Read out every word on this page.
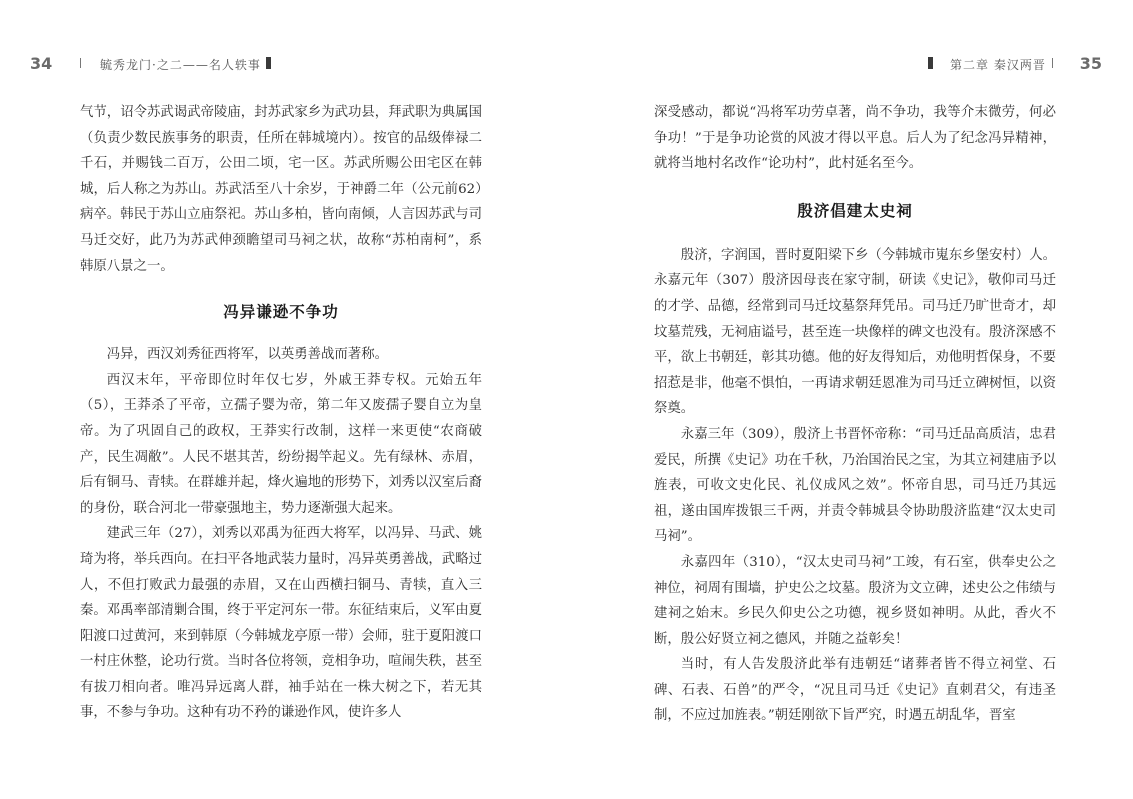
34	毓秀龙门·之二——名人轶事

气节，诏令苏武谒武帝陵庙，封苏武家乡为武功县，拜武职为典属国（负责少数民族事务的职责，任所在韩城境内）。按官的品级俸禄二千石，并赐钱二百万，公田二顷，宅一区。苏武所赐公田宅区在韩城，后人称之为苏山。苏武活至八十余岁，于神爵二年（公元前62）病卒。韩民于苏山立庙祭祀。苏山多柏，皆向南倾，人言因苏武与司马迁交好，此乃为苏武伸颈瞻望司马祠之状，故称“苏柏南柯”，系韩原八景之一。

冯异谦逊不争功

冯异，西汉刘秀征西将军，以英勇善战而著称。

西汉末年，平帝即位时年仅七岁，外戚王莽专权。元始五年（5），王莽杀了平帝，立孺子婴为帝，第二年又废孺子婴自立为皇帝。为了巩固自己的政权，王莽实行改制，这样一来更使“农商破产，民生凋敝”。人民不堪其苦，纷纷揭竿起义。先有绿林、赤眉，后有铜马、青犊。在群雄并起，烽火遍地的形势下，刘秀以汉室后裔的身份，联合河北一带豪强地主，势力逐渐强大起来。

建武三年（27），刘秀以邓禹为征西大将军，以冯异、马武、姚琦为将，举兵西向。在扫平各地武装力量时，冯异英勇善战，武略过人，不但打败武力最强的赤眉，又在山西横扫铜马、青犊，直入三秦。邓禹率部清剿合围，终于平定河东一带。东征结束后，义军由夏阳渡口过黄河，来到韩原（今韩城龙亭原一带）会师，驻于夏阳渡口一村庄休整，论功行赏。当时各位将领，竞相争功，喧闹失秩，甚至有拔刀相向者。唯冯异远离人群，袖手站在一株大树之下，若无其事，不参与争功。这种有功不矜的谦逊作风，使许多人

第二章 秦汉两晋 35

深受感动，都说“冯将军功劳卓著，尚不争功，我等介末微劳，何必争功！”于是争功论赏的风波才得以平息。后人为了纪念冯异精神，就将当地村名改作“论功村”，此村延名至今。

殷济倡建太史祠

殷济，字润国，晋时夏阳梁下乡（今韩城市嵬东乡堡安村）人。永嘉元年（307）殷济因母丧在家守制，研读《史记》，敬仰司马迁的才学、品德，经常到司马迁坟墓祭拜凭吊。司马迁乃旷世奇才，却坟墓荒残，无祠庙谥号，甚至连一块像样的碑文也没有。殷济深感不平，欲上书朝廷，彰其功德。他的好友得知后，劝他明哲保身，不要招惹是非，他毫不惧怕，一再请求朝廷恩准为司马迁立碑树恒，以资祭奠。

永嘉三年（309），殷济上书晋怀帝称：“司马迁品高质洁，忠君爱民，所撰《史记》功在千秋，乃治国治民之宝，为其立祠建庙予以旌表，可收文史化民、礼仪成风之效”。怀帝自思，司马迁乃其远祖，遂由国库拨银三千两，并责令韩城县令协助殷济监建“汉太史司马祠”。

永嘉四年（310），“汉太史司马祠”工竣，有石室，供奉史公之神位，祠周有围墙，护史公之坟墓。殷济为文立碑，述史公之伟绩与建祠之始末。乡民久仰史公之功德，视乡贤如神明。从此，香火不断，殷公好贤立祠之德风，并随之益彰矣！

当时，有人告发殷济此举有违朝廷“诸葬者皆不得立祠堂、石碑、石表、石兽”的严令，“况且司马迁《史记》直刺君父，有违圣制，不应过加旌表。”朝廷刚欲下旨严究，时遇五胡乱华，晋室
